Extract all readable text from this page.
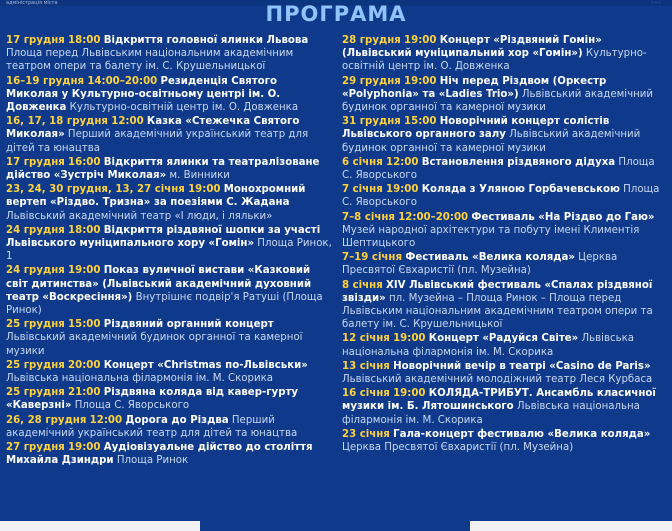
адміністрація міста	· · ·
ПРОГРАМА
17 грудня 18:00 Відкриття головної ялинки Львова Площа перед Львівським національним академічним театром опери та балету ім. С. Крушельницької
16–19 грудня 14:00–20:00 Резиденція Святого Миколая у Культурно-освітньому центрі ім. О. Довженка Культурно-освітній центр ім. О. Довженка
16, 17, 18 грудня 12:00 Казка «Стежечка Святого Миколая» Перший академічний український театр для дітей та юнацтва
17 грудня 16:00 Відкриття ялинки та театралізоване дійство «Зустріч Миколая» м. Винники
23, 24, 30 грудня, 13, 27 січня 19:00 Монохромний вертеп «Різдво. Тризна» за поезіями С. Жадана Львівський академічний театр «І люди, і ляльки»
24 грудня 18:00 Відкриття різдвяної шопки за участі Львівського муніципального хору «Гомін» Площа Ринок, 1
24 грудня 19:00 Показ вуличної вистави «Казковий світ дитинства» (Львівський академічний духовний театр «Воскресіння») Внутрішнє подвір'я Ратуші (Площа Ринок)
25 грудня 15:00 Різдвяний органний концерт Львівський академічний будинок органної та камерної музики
25 грудня 20:00 Концерт «Christmas по-Львівськи» Львівська національна філармонія ім. М. Скорика
25 грудня 21:00 Різдвяна коляда від кавер-гурту «Каверзні» Площа С. Яворського
26, 28 грудня 12:00 Дорога до Різдва Перший академічний український театр для дітей та юнацтва
27 грудня 19:00 Аудіовізуальне дійство до століття Михайла Дзиндри Площа Ринок
28 грудня 19:00 Концерт «Різдвяний Гомін» (Львівський муніципальний хор «Гомін») Культурно-освітній центр ім. О. Довженка
29 грудня 19:00 Ніч перед Різдвом (Оркестр «Polyphonia» та «Ladies Trio») Львівський академічний будинок органної та камерної музики
31 грудня 15:00 Новорічний концерт солістів Львівського органного залу Львівський академічний будинок органної та камерної музики
6 січня 12:00 Встановлення різдвяного дідуха Площа С. Яворського
7 січня 19:00 Коляда з Уляною Горбачевською Площа С. Яворського
7–8 січня 12:00–20:00 Фестиваль «На Різдво до Гаю» Музей народної архітектури та побуту імені Климентія Шептицького
7–19 січня Фестиваль «Велика коляда» Церква Пресвятої Євхаристії (пл. Музейна)
8 січня XIV Львівський фестиваль «Спалах різдвяної звізди» пл. Музейна – Площа Ринок – Площа перед Львівським національним академічним театром опери та балету ім. С. Крушельницької
12 січня 19:00 Концерт «Радуйся Світе» Львівська національна філармонія ім. М. Скорика
13 січня Новорічний вечір в театрі «Casino de Paris» Львівський академічний молодіжний театр Леся Курбаса
16 січня 19:00 КОЛЯДА-ТРИБУТ. Ансамбль класичної музики ім. Б. Лятошинського Львівська національна філармонія ім. М. Скорика
23 січня Гала-концерт фестивалю «Велика коляда» Церква Пресвятої Євхаристії (пл. Музейна)
